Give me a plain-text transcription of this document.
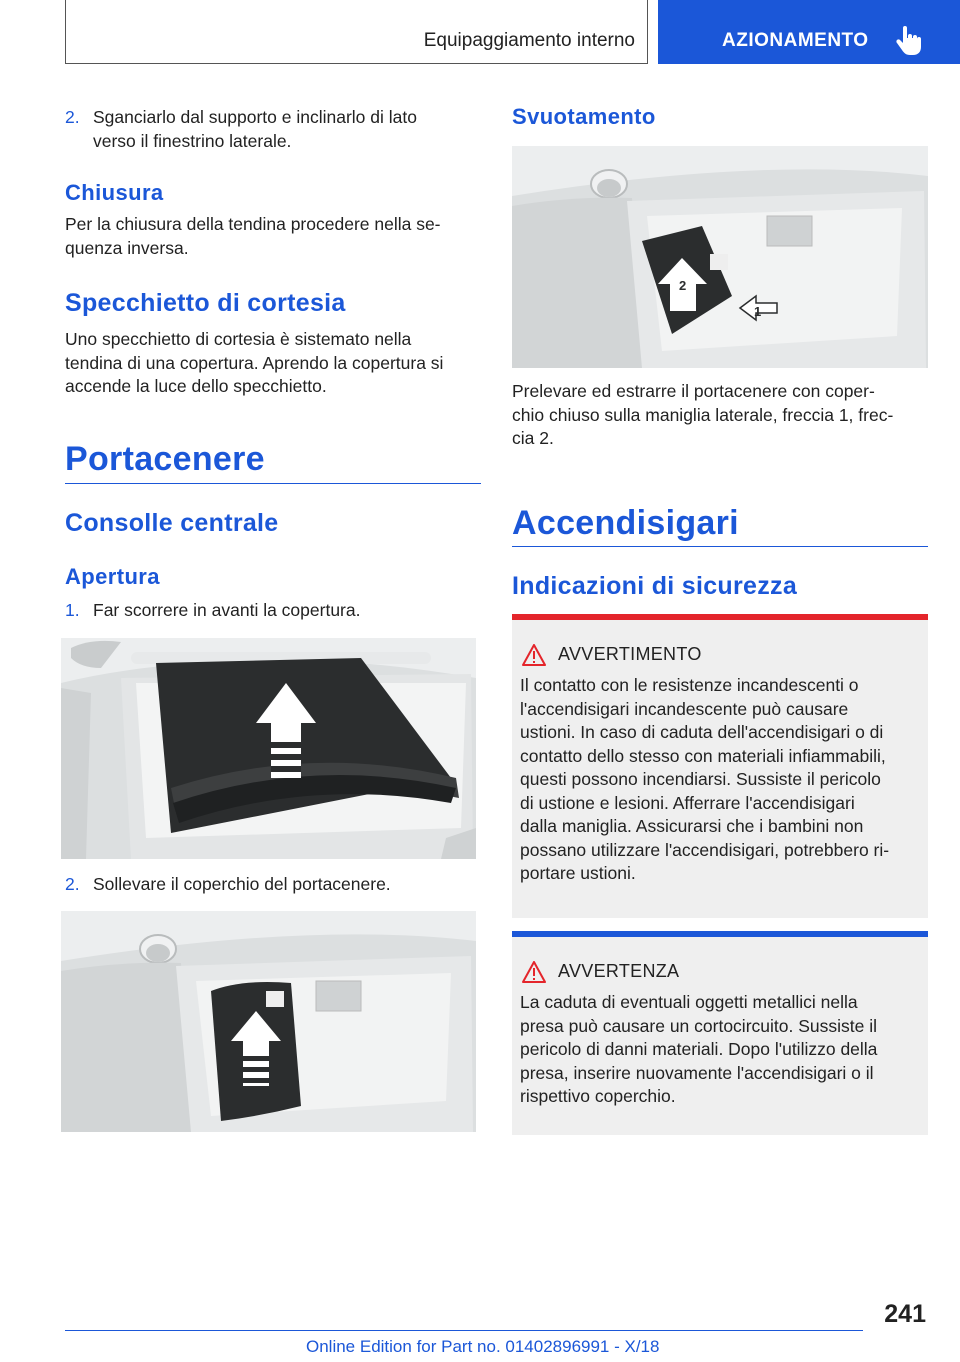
Equipaggiamento interno	AZIONAMENTO
2. Sganciarlo dal supporto e inclinarlo di lato
verso il finestrino laterale.
Chiusura
Per la chiusura della tendina procedere nella se-
quenza inversa.
Specchietto di cortesia
Uno specchietto di cortesia è sistemato nella
tendina di una copertura. Aprendo la copertura si
accende la luce dello specchietto.
Portacenere
Consolle centrale
Apertura
1. Far scorrere in avanti la copertura.
2. Sollevare il coperchio del portacenere.
Svuotamento
2
1
Prelevare ed estrarre il portacenere con coper-
chio chiuso sulla maniglia laterale, freccia 1, frec-
cia 2.
Accendisigari
Indicazioni di sicurezza
AVVERTIMENTO
Il contatto con le resistenze incandescenti o
l'accendisigari incandescente può causare
ustioni. In caso di caduta dell'accendisigari o di
contatto dello stesso con materiali infiammabili,
questi possono incendiarsi. Sussiste il pericolo
di ustione e lesioni. Afferrare l'accendisigari
dalla maniglia. Assicurarsi che i bambini non
possano utilizzare l'accendisigari, potrebbero ri-
portare ustioni.
AVVERTENZA
La caduta di eventuali oggetti metallici nella
presa può causare un cortocircuito. Sussiste il
pericolo di danni materiali. Dopo l'utilizzo della
presa, inserire nuovamente l'accendisigari o il
rispettivo coperchio.
241
Online Edition for Part no. 01402896991 - X/18
